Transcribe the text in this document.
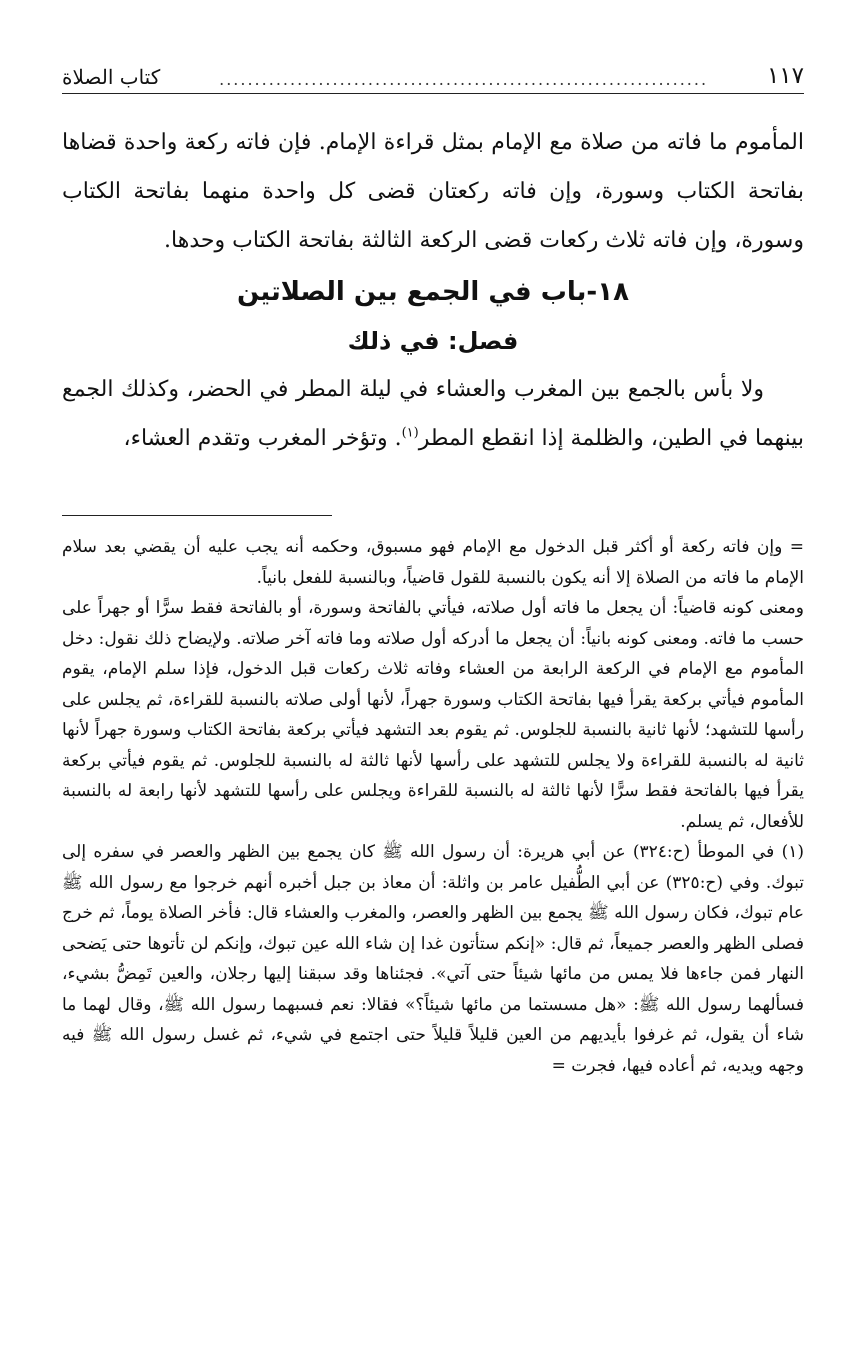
١١٧
.....................................................................
كتاب الصلاة

المأموم ما فاته من صلاة مع الإمام بمثل قراءة الإمام. فإن فاته ركعة واحدة قضاها بفاتحة الكتاب وسورة، وإن فاته ركعتان قضى كل واحدة منهما بفاتحة الكتاب وسورة، وإن فاته ثلاث ركعات قضى الركعة الثالثة بفاتحة الكتاب وحدها.

١٨-باب في الجمع بين الصلاتين
فصل: في ذلك

ولا بأس بالجمع بين المغرب والعشاء في ليلة المطر في الحضر، وكذلك الجمع بينهما في الطين، والظلمة إذا انقطع المطر$^{(١)}$. وتؤخر المغرب وتقدم العشاء،

= وإن فاته ركعة أو أكثر قبل الدخول مع الإمام فهو مسبوق، وحكمه أنه يجب عليه أن يقضي بعد سلام الإمام ما فاته من الصلاة إلا أنه يكون بالنسبة للقول قاضياً، وبالنسبة للفعل بانياً.

ومعنى كونه قاضياً: أن يجعل ما فاته أول صلاته، فيأتي بالفاتحة وسورة، أو بالفاتحة فقط سرًّا أو جهراً على حسب ما فاته. ومعنى كونه بانياً: أن يجعل ما أدركه أول صلاته وما فاته آخر صلاته. ولإيضاح ذلك نقول: دخل المأموم مع الإمام في الركعة الرابعة من العشاء وفاته ثلاث ركعات قبل الدخول، فإذا سلم الإمام، يقوم المأموم فيأتي بركعة يقرأ فيها بفاتحة الكتاب وسورة جهراً، لأنها أولى صلاته بالنسبة للقراءة، ثم يجلس على رأسها للتشهد؛ لأنها ثانية بالنسبة للجلوس. ثم يقوم بعد التشهد فيأتي بركعة بفاتحة الكتاب وسورة جهراً لأنها ثانية له بالنسبة للقراءة ولا يجلس للتشهد على رأسها لأنها ثالثة له بالنسبة للجلوس. ثم يقوم فيأتي بركعة يقرأ فيها بالفاتحة فقط سرًّا لأنها ثالثة له بالنسبة للقراءة ويجلس على رأسها للتشهد لأنها رابعة له بالنسبة للأفعال، ثم يسلم.

(١) في الموطأ (ح:٣٢٤) عن أبي هريرة: أن رسول الله ﷺ كان يجمع بين الظهر والعصر في سفره إلى تبوك. وفي (ح:٣٢٥) عن أبي الطُّفيل عامر بن واثلة: أن معاذ بن جبل أخبره أنهم خرجوا مع رسول الله ﷺ عام تبوك، فكان رسول الله ﷺ يجمع بين الظهر والعصر، والمغرب والعشاء قال: فأخر الصلاة يوماً، ثم خرج فصلى الظهر والعصر جميعاً، ثم قال: «إنكم ستأتون غدا إن شاء الله عين تبوك، وإنكم لن تأتوها حتى يَضحى النهار فمن جاءها فلا يمس من مائها شيئاً حتى آتي». فجئناها وقد سبقنا إليها رجلان، والعين تَمِضُّ بشيء، فسألهما رسول الله ﷺ: «هل مسستما من مائها شيئاً؟» فقالا: نعم فسبهما رسول الله ﷺ، وقال لهما ما شاء أن يقول، ثم غرفوا بأيديهم من العين قليلاً قليلاً حتى اجتمع في شيء، ثم غسل رسول الله ﷺ فيه وجهه ويديه، ثم أعاده فيها، فجرت =
